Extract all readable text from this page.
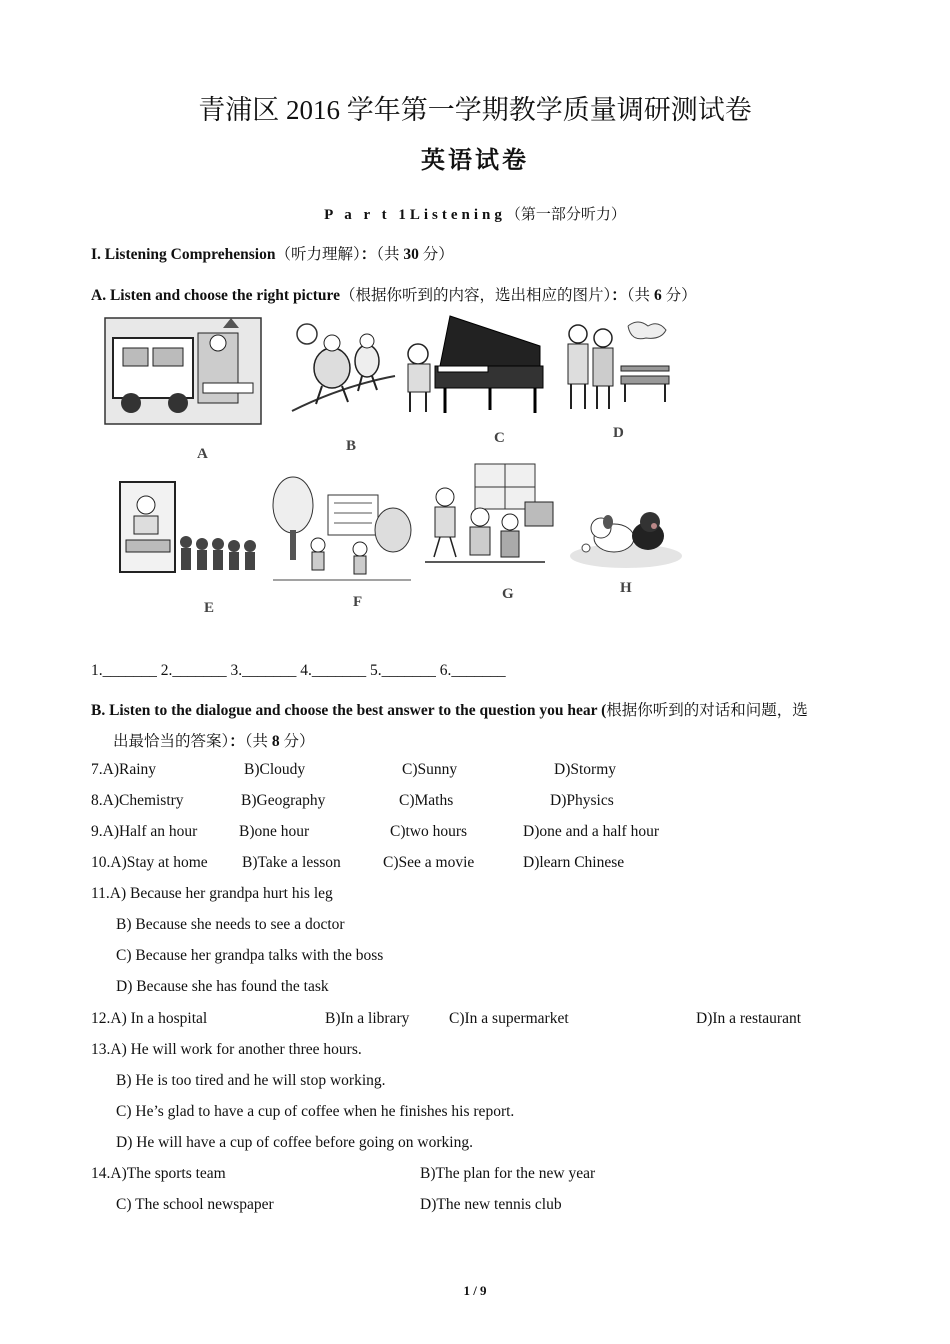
青浦区 2016 学年第一学期教学质量调研测试卷
英语试卷
P a r t 1Listening（第一部分听力）
I. Listening Comprehension（听力理解）：（共 30 分）
A. Listen and choose the right picture（根据你听到的内容，选出相应的图片）：（共 6 分）
A	B	C	D
E	F	G	H
1._______ 2._______ 3._______ 4._______ 5._______ 6._______
B. Listen to the dialogue and choose the best answer to the question you hear (根据你听到的对话和问题，选
出最恰当的答案）：（共 8 分）
7.A)Rainy	B)Cloudy	C)Sunny	D)Stormy
8.A)Chemistry	B)Geography	C)Maths	D)Physics
9.A)Half an hour	B)one hour	C)two hours	D)one and a half hour
10.A)Stay at home B)Take a lesson	C)See a movie	D)learn Chinese
11.A) Because her grandpa hurt his leg
B) Because she needs to see a doctor
C) Because her grandpa talks with the boss
D) Because she has found the task
12.A) In a hospital	B)In a library	C)In a supermarket	D)In a restaurant
13.A) He will work for another three hours.
B) He is too tired and he will stop working.
C) He’s glad to have a cup of coffee when he finishes his report.
D) He will have a cup of coffee before going on working.
14.A)The sports team	B)The plan for the new year
C) The school newspaper	D)The new tennis club
1 / 9
